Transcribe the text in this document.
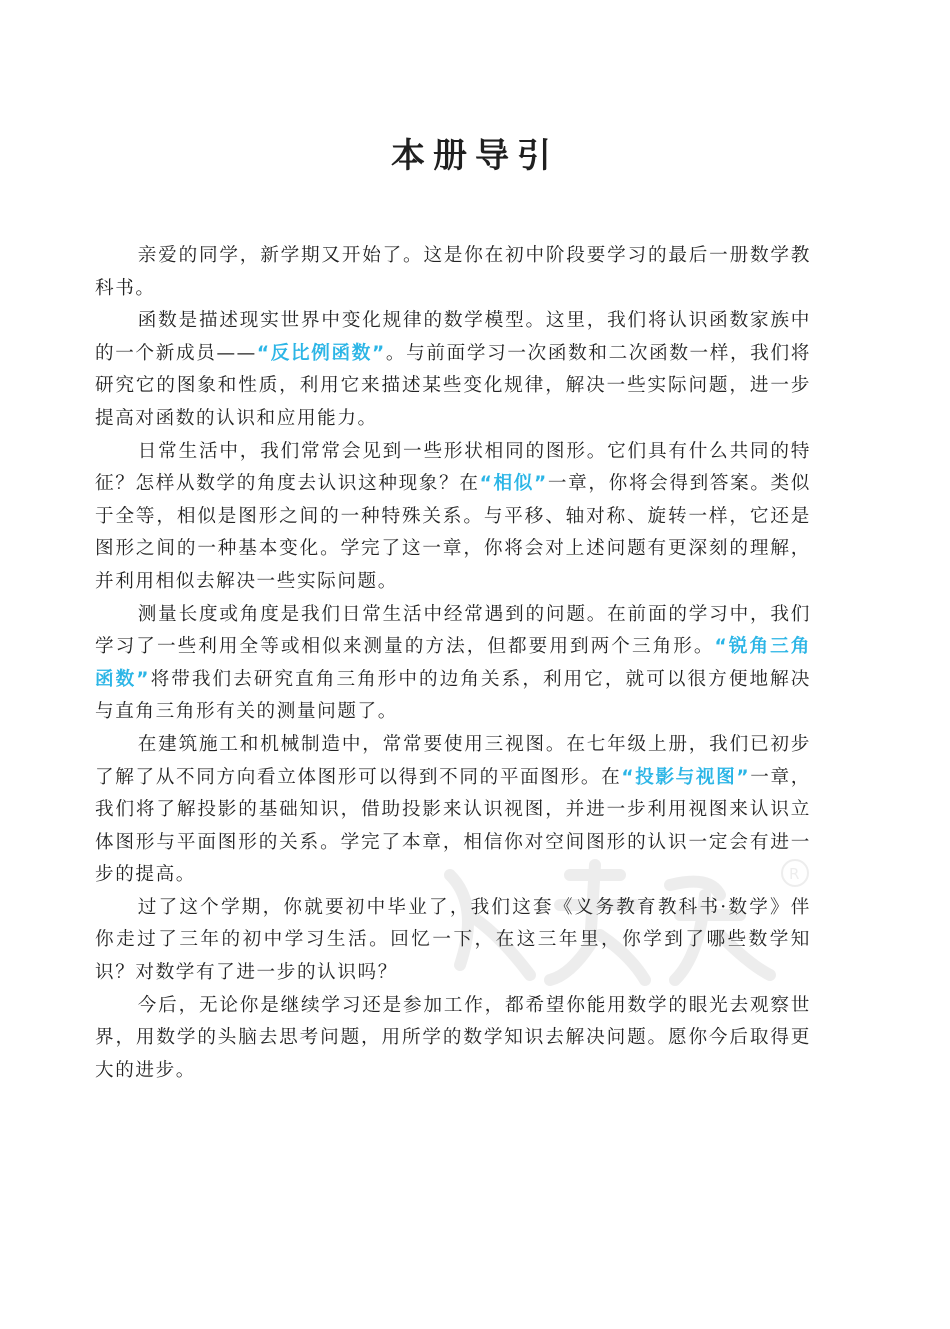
本册导引

亲爱的同学，新学期又开始了。这是你在初中阶段要学习的最后一册数学教科书。

函数是描述现实世界中变化规律的数学模型。这里，我们将认识函数家族中的一个新成员——“反比例函数”。与前面学习一次函数和二次函数一样，我们将研究它的图象和性质，利用它来描述某些变化规律，解决一些实际问题，进一步提高对函数的认识和应用能力。

日常生活中，我们常常会见到一些形状相同的图形。它们具有什么共同的特征？怎样从数学的角度去认识这种现象？在“相似”一章，你将会得到答案。类似于全等，相似是图形之间的一种特殊关系。与平移、轴对称、旋转一样，它还是图形之间的一种基本变化。学完了这一章，你将会对上述问题有更深刻的理解，并利用相似去解决一些实际问题。

测量长度或角度是我们日常生活中经常遇到的问题。在前面的学习中，我们学习了一些利用全等或相似来测量的方法，但都要用到两个三角形。“锐角三角函数”将带我们去研究直角三角形中的边角关系，利用它，就可以很方便地解决与直角三角形有关的测量问题了。

在建筑施工和机械制造中，常常要使用三视图。在七年级上册，我们已初步了解了从不同方向看立体图形可以得到不同的平面图形。在“投影与视图”一章，我们将了解投影的基础知识，借助投影来认识视图，并进一步利用视图来认识立体图形与平面图形的关系。学完了本章，相信你对空间图形的认识一定会有进一步的提高。

过了这个学期，你就要初中毕业了，我们这套《义务教育教科书·数学》伴你走过了三年的初中学习生活。回忆一下，在这三年里，你学到了哪些数学知识？对数学有了进一步的认识吗？

今后，无论你是继续学习还是参加工作，都希望你能用数学的眼光去观察世界，用数学的头脑去思考问题，用所学的数学知识去解决问题。愿你今后取得更大的进步。

R
